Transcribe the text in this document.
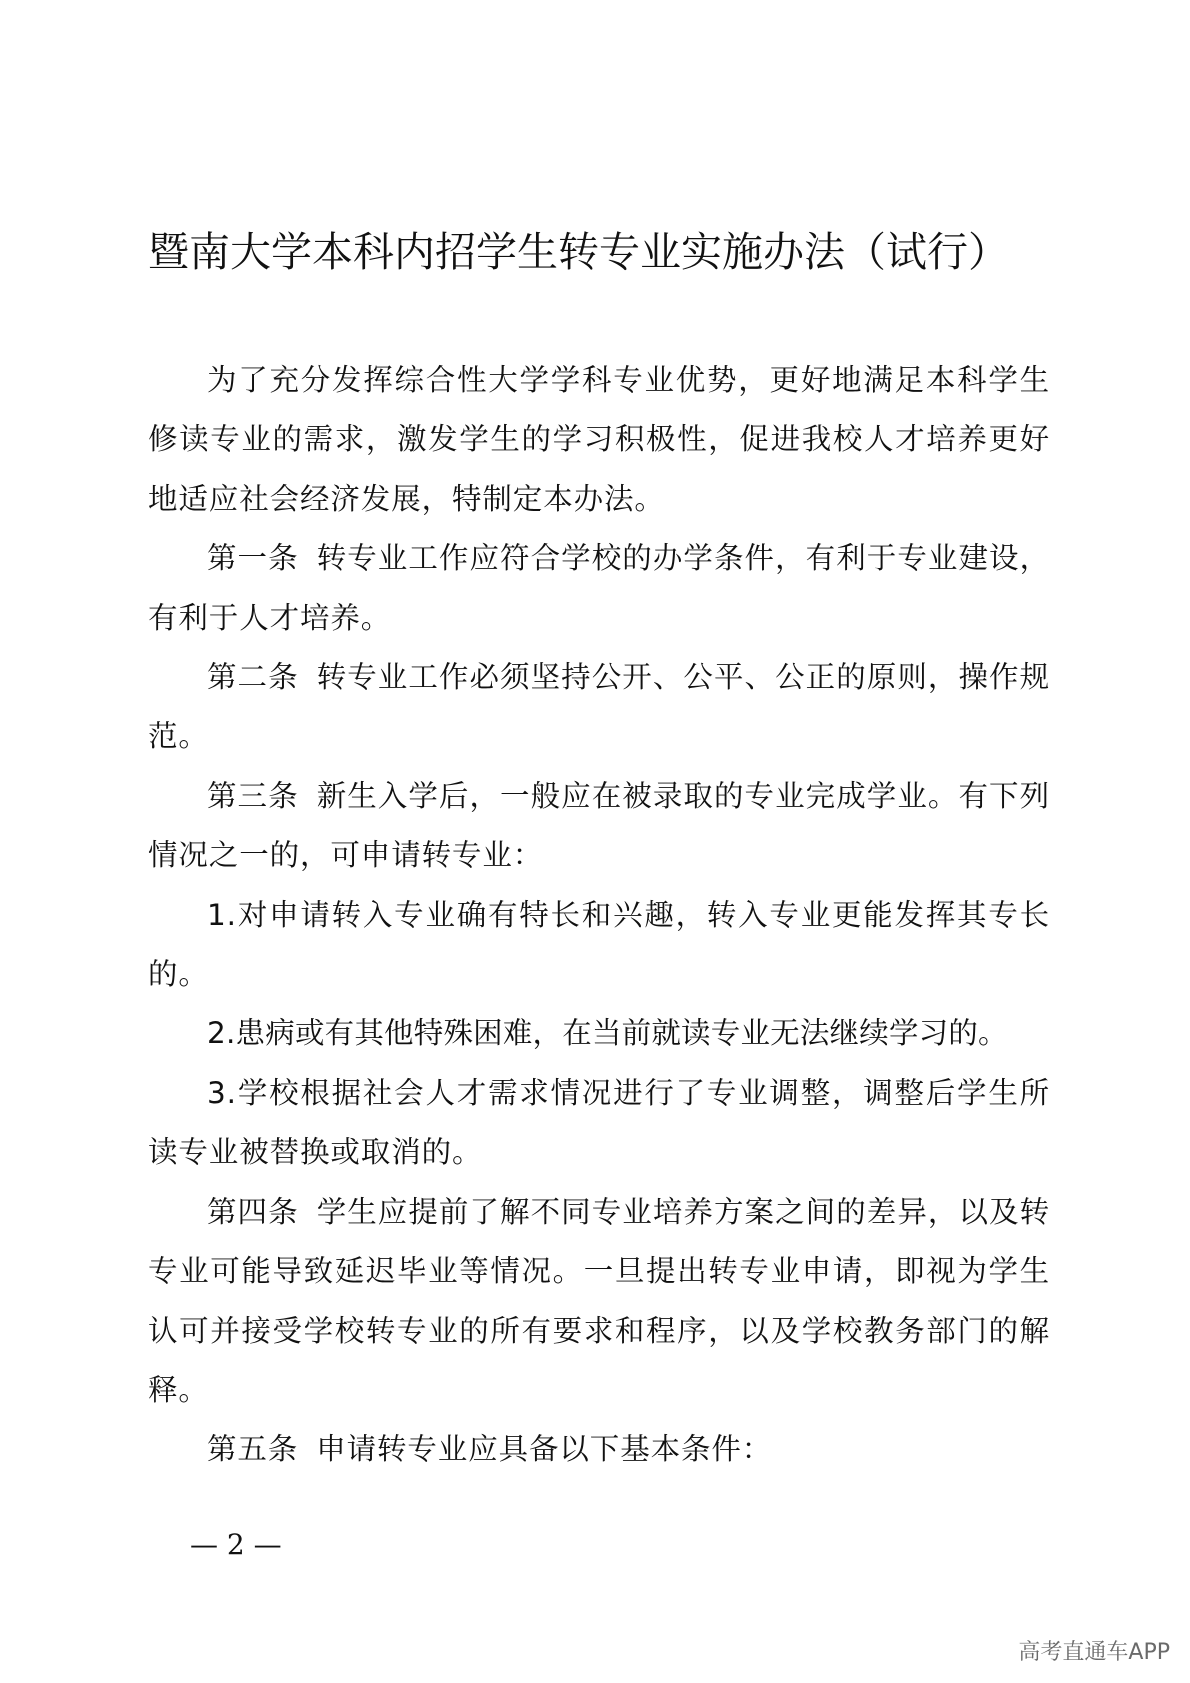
暨南大学本科内招学生转专业实施办法（试行）

为了充分发挥综合性大学学科专业优势，更好地满足本科学生修读专业的需求，激发学生的学习积极性，促进我校人才培养更好地适应社会经济发展，特制定本办法。

第一条 转专业工作应符合学校的办学条件，有利于专业建设，有利于人才培养。

第二条 转专业工作必须坚持公开、公平、公正的原则，操作规范。

第三条 新生入学后，一般应在被录取的专业完成学业。有下列情况之一的，可申请转专业：

1.对申请转入专业确有特长和兴趣，转入专业更能发挥其专长的。

2.患病或有其他特殊困难，在当前就读专业无法继续学习的。

3.学校根据社会人才需求情况进行了专业调整，调整后学生所读专业被替换或取消的。

第四条 学生应提前了解不同专业培养方案之间的差异，以及转专业可能导致延迟毕业等情况。一旦提出转专业申请，即视为学生认可并接受学校转专业的所有要求和程序，以及学校教务部门的解释。

第五条 申请转专业应具备以下基本条件：

— 2 —
高考直通车APP
